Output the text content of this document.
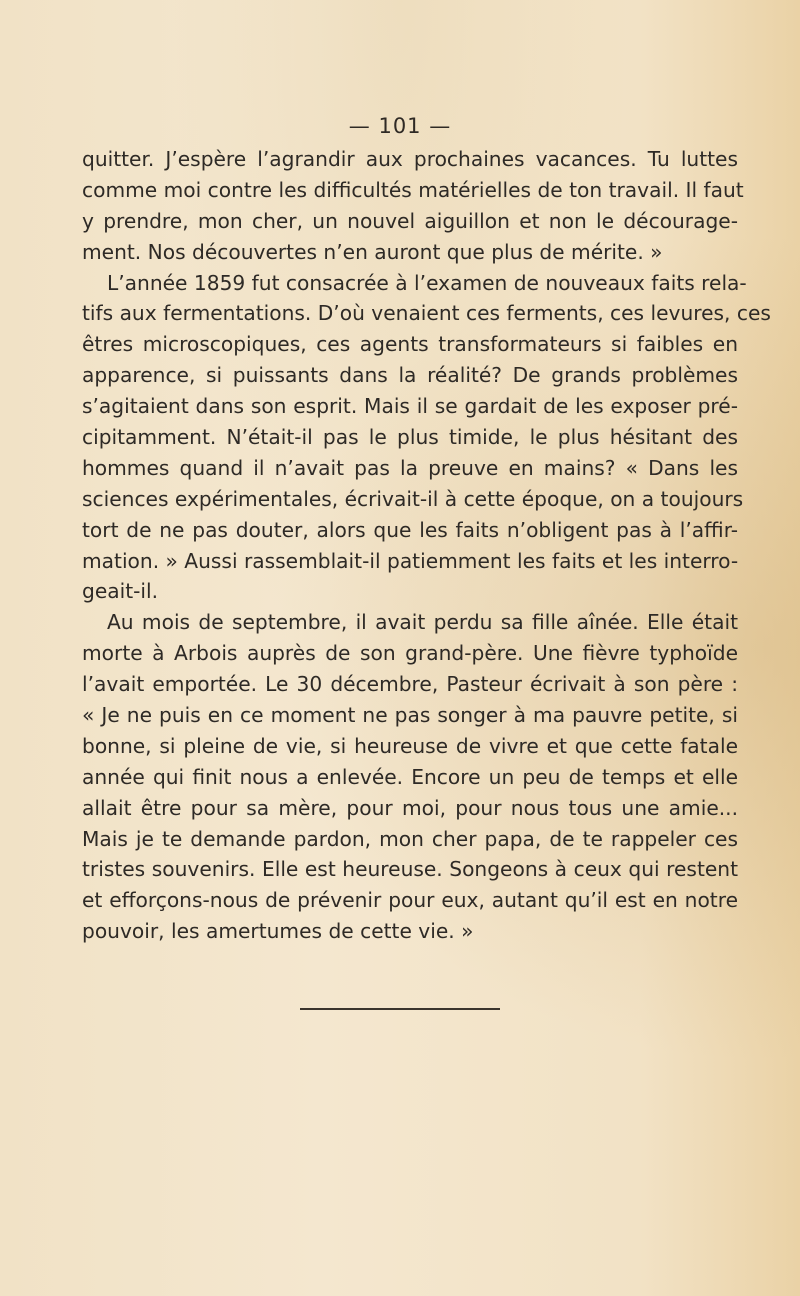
— 101 —
quitter. J’espère l’agrandir aux prochaines vacances. Tu luttes
comme moi contre les difficultés matérielles de ton travail. Il faut
y prendre, mon cher, un nouvel aiguillon et non le décourage-
ment. Nos découvertes n’en auront que plus de mérite. »
L’année 1859 fut consacrée à l’examen de nouveaux faits rela-
tifs aux fermentations. D’où venaient ces ferments, ces levures, ces
êtres microscopiques, ces agents transformateurs si faibles en
apparence, si puissants dans la réalité? De grands problèmes
s’agitaient dans son esprit. Mais il se gardait de les exposer pré-
cipitamment. N’était-il pas le plus timide, le plus hésitant des
hommes quand il n’avait pas la preuve en mains? « Dans les
sciences expérimentales, écrivait-il à cette époque, on a toujours
tort de ne pas douter, alors que les faits n’obligent pas à l’affir-
mation. » Aussi rassemblait-il patiemment les faits et les interro-
geait-il.
Au mois de septembre, il avait perdu sa fille aînée. Elle était
morte à Arbois auprès de son grand-père. Une fièvre typhoïde
l’avait emportée. Le 30 décembre, Pasteur écrivait à son père :
« Je ne puis en ce moment ne pas songer à ma pauvre petite, si
bonne, si pleine de vie, si heureuse de vivre et que cette fatale
année qui finit nous a enlevée. Encore un peu de temps et elle
allait être pour sa mère, pour moi, pour nous tous une amie...
Mais je te demande pardon, mon cher papa, de te rappeler ces
tristes souvenirs. Elle est heureuse. Songeons à ceux qui restent
et efforçons-nous de prévenir pour eux, autant qu’il est en notre
pouvoir, les amertumes de cette vie. »
